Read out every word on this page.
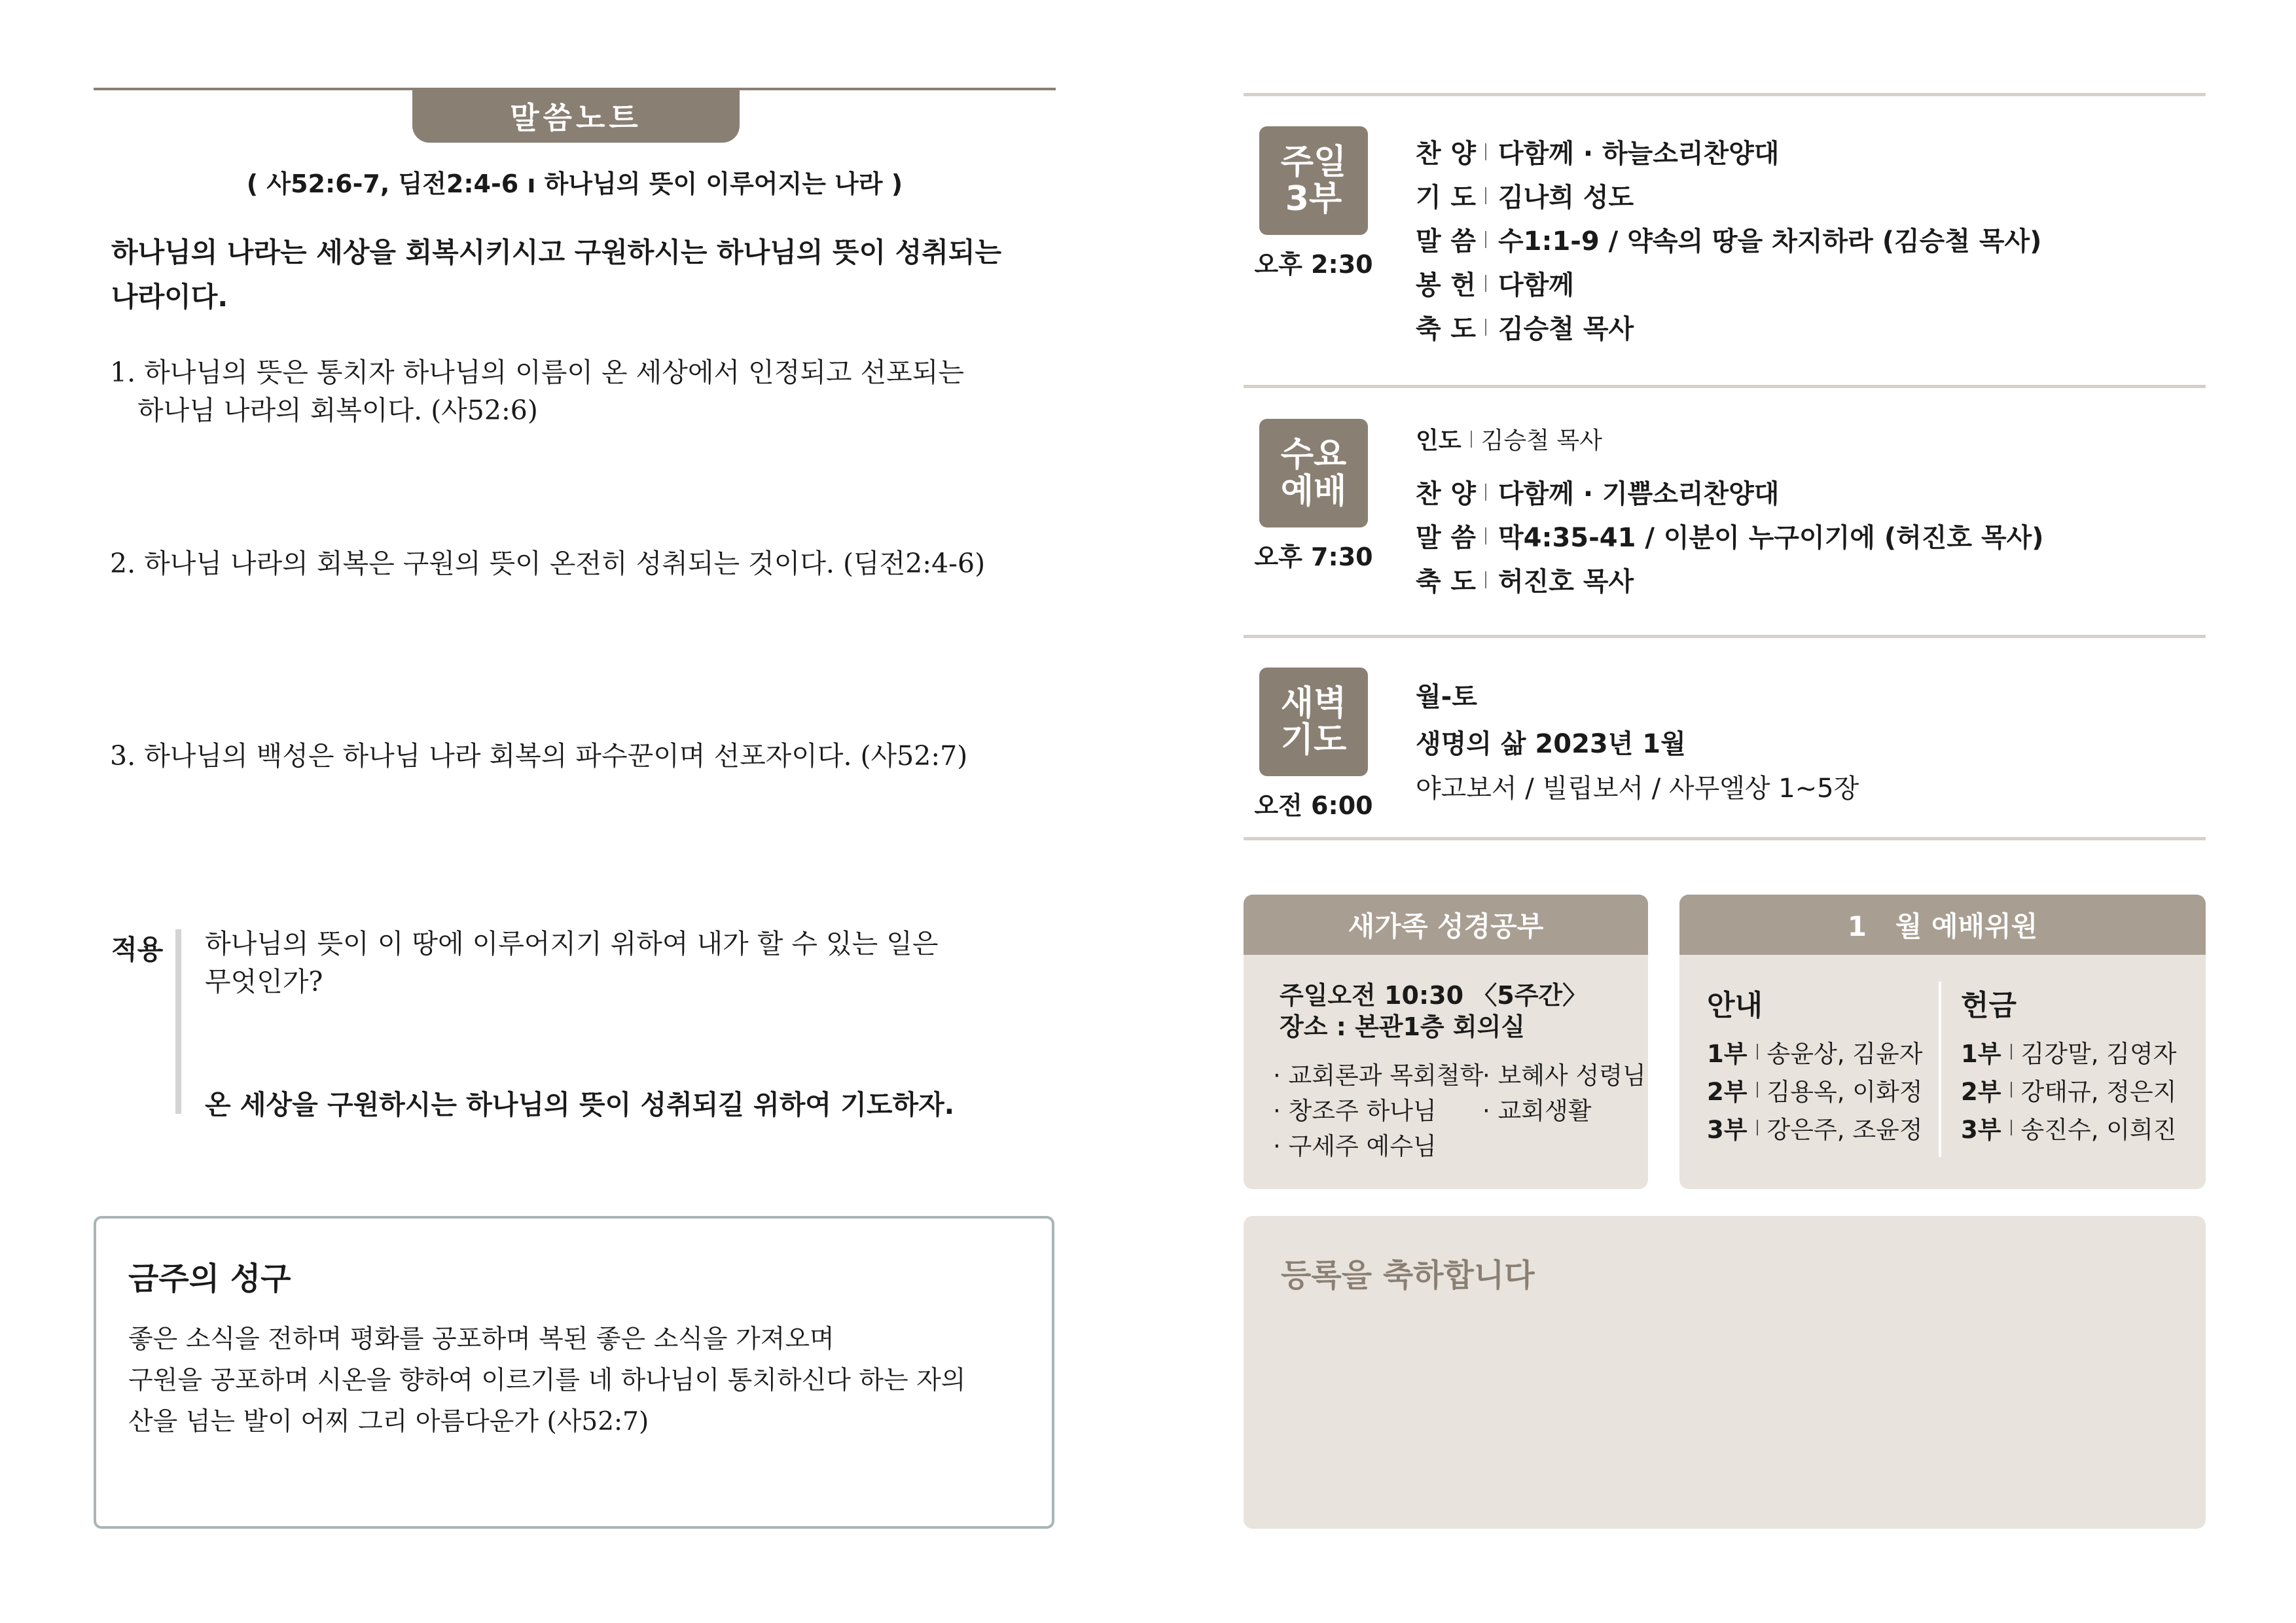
말씀노트
( 사52:6-7, 딤전2:4-6 ı 하나님의 뜻이 이루어지는 나라 )
하나님의 나라는 세상을 회복시키시고 구원하시는 하나님의 뜻이 성취되는
나라이다.
1. 하나님의 뜻은 통치자 하나님의 이름이 온 세상에서 인정되고 선포되는
하나님 나라의 회복이다. (사52:6)
2. 하나님 나라의 회복은 구원의 뜻이 온전히 성취되는 것이다. (딤전2:4-6)
3. 하나님의 백성은 하나님 나라 회복의 파수꾼이며 선포자이다. (사52:7)
적용 하나님의 뜻이 이 땅에 이루어지기 위하여 내가 할 수 있는 일은
무엇인가?
온 세상을 구원하시는 하나님의 뜻이 성취되길 위하여 기도하자.
금주의 성구
좋은 소식을 전하며 평화를 공포하며 복된 좋은 소식을 가져오며
구원을 공포하며 시온을 향하여 이르기를 네 하나님이 통치하신다 하는 자의
산을 넘는 발이 어찌 그리 아름다운가 (사52:7)
주일
3부
오후 2:30
찬 양 다함께 · 하늘소리찬양대
기 도 김나희 성도
말 씀 수1:1-9 / 약속의 땅을 차지하라 (김승철 목사)
봉 헌 다함께
축 도 김승철 목사
수요
예배
오후 7:30
인도 김승철 목사
찬 양 다함께 · 기쁨소리찬양대
말 씀 막4:35-41 / 이분이 누구이기에 (허진호 목사)
축 도 허진호 목사
새벽
기도
오전 6:00
월-토
생명의 삶 2023년 1월
야고보서 / 빌립보서 / 사무엘상 1~5장
새가족 성경공부
주일오전 10:30 〈5주간〉
장소 : 본관1층 회의실
· 교회론과 목회철학
· 창조주 하나님
· 구세주 예수님
· 보혜사 성령님
· 교회생활
1   월 예배위원
안내
1부 송윤상, 김윤자
2부 김용옥, 이화정
3부 강은주, 조윤정
헌금
1부 김강말, 김영자
2부 강태규, 정은지
3부 송진수, 이희진
등록을 축하합니다
